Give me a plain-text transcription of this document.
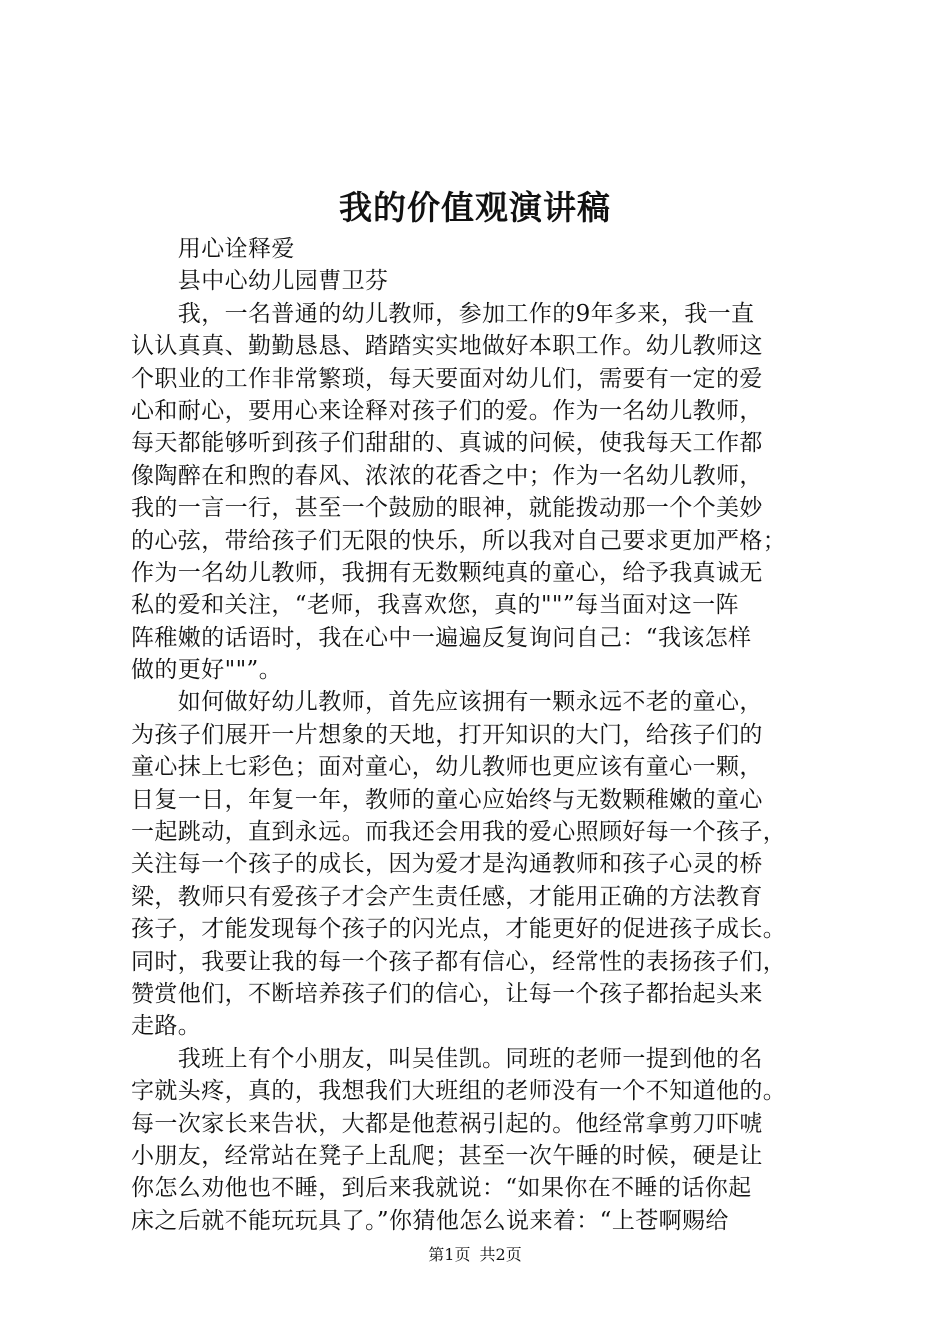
我的价值观演讲稿
　　用心诠释爱
　　县中心幼儿园曹卫芬
　　我，一名普通的幼儿教师，参加工作的9年多来，我一直
认认真真、勤勤恳恳、踏踏实实地做好本职工作。幼儿教师这
个职业的工作非常繁琐，每天要面对幼儿们，需要有一定的爱
心和耐心，要用心来诠释对孩子们的爱。作为一名幼儿教师，
每天都能够听到孩子们甜甜的、真诚的问候，使我每天工作都
像陶醉在和煦的春风、浓浓的花香之中；作为一名幼儿教师，
我的一言一行，甚至一个鼓励的眼神，就能拨动那一个个美妙
的心弦，带给孩子们无限的快乐，所以我对自己要求更加严格；
作为一名幼儿教师，我拥有无数颗纯真的童心，给予我真诚无
私的爱和关注，“老师，我喜欢您，真的""”每当面对这一阵
阵稚嫩的话语时，我在心中一遍遍反复询问自己：“我该怎样
做的更好""”。
　　如何做好幼儿教师，首先应该拥有一颗永远不老的童心，
为孩子们展开一片想象的天地，打开知识的大门，给孩子们的
童心抹上七彩色；面对童心，幼儿教师也更应该有童心一颗，
日复一日，年复一年，教师的童心应始终与无数颗稚嫩的童心
一起跳动，直到永远。而我还会用我的爱心照顾好每一个孩子，
关注每一个孩子的成长，因为爱才是沟通教师和孩子心灵的桥
梁，教师只有爱孩子才会产生责任感，才能用正确的方法教育
孩子，才能发现每个孩子的闪光点，才能更好的促进孩子成长。
同时，我要让我的每一个孩子都有信心，经常性的表扬孩子们，
赞赏他们，不断培养孩子们的信心，让每一个孩子都抬起头来
走路。
　　我班上有个小朋友，叫吴佳凯。同班的老师一提到他的名
字就头疼，真的，我想我们大班组的老师没有一个不知道他的。
每一次家长来告状，大都是他惹祸引起的。他经常拿剪刀吓唬
小朋友，经常站在凳子上乱爬；甚至一次午睡的时候，硬是让
你怎么劝他也不睡，到后来我就说：“如果你在不睡的话你起
床之后就不能玩玩具了。”你猜他怎么说来着：“上苍啊赐给
第1页 共2页
